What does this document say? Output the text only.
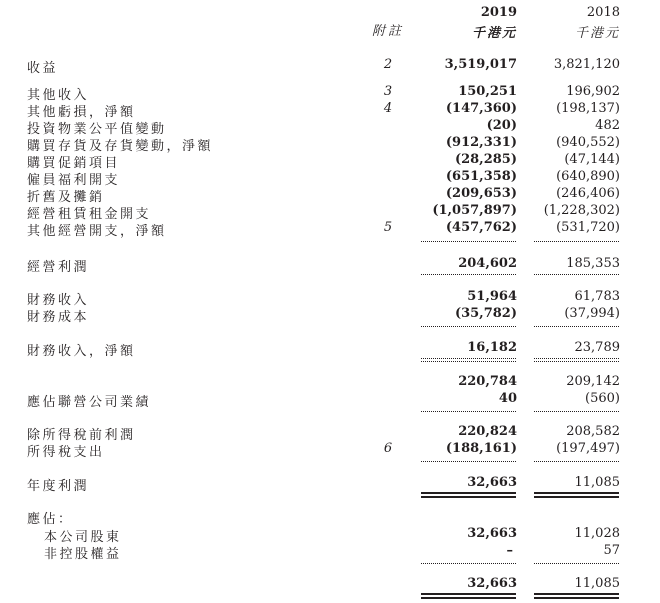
附註
2019	2018
千港元	千港元
收益	2	3,519,017	3,821,120
其他收入	3	150,251	196,902
其他虧損，淨額	4	(147,360)	(198,137)
投資物業公平值變動	(20)	482
購買存貨及存貨變動，淨額	(912,331)	(940,552)
購買促銷項目	(28,285)	(47,144)
僱員福利開支	(651,358)	(640,890)
折舊及攤銷	(209,653)	(246,406)
經營租賃租金開支	(1,057,897) (1,228,302)
其他經營開支，淨額	5	(457,762)	(531,720)
經營利潤	204,602	185,353
財務收入	51,964	61,783
財務成本	(35,782)	(37,994)
財務收入，淨額	16,182	23,789
220,784	209,142
應佔聯營公司業績	40	(560)
除所得稅前利潤	220,824	208,582
所得稅支出	6	(188,161)	(197,497)
年度利潤	32,663	11,085
應佔：
本公司股東	32,663	11,028
非控股權益	–	57
32,663	11,085
